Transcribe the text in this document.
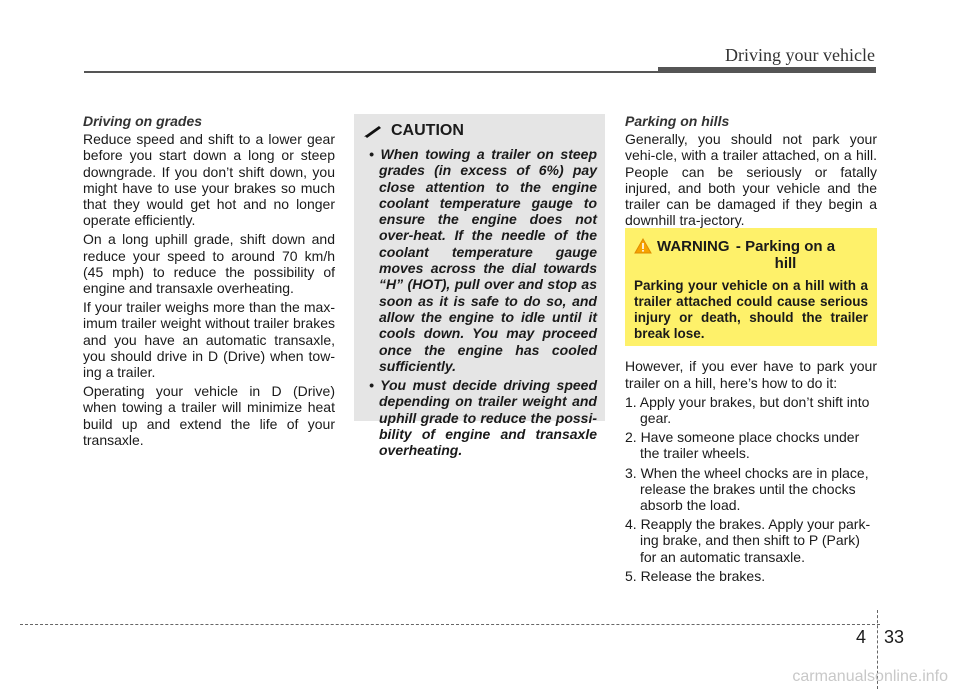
Driving your vehicle
Driving on grades

Reduce speed and shift to a lower gear before you start down a long or steep downgrade. If you don’t shift down, you might have to use your brakes so much that they would get hot and no longer operate efficiently.

On a long uphill grade, shift down and reduce your speed to around 70 km/h (45 mph) to reduce the possibility of engine and transaxle overheating.

If your trailer weighs more than the max-imum trailer weight without trailer brakes and you have an automatic transaxle, you should drive in D (Drive) when tow-ing a trailer.

Operating your vehicle in D (Drive) when towing a trailer will minimize heat build up and extend the life of your transaxle.

CAUTION
• When towing a trailer on steep grades (in excess of 6%) pay close attention to the engine coolant temperature gauge to ensure the engine does not over-heat. If the needle of the coolant temperature gauge moves across the dial towards “H” (HOT), pull over and stop as soon as it is safe to do so, and allow the engine to idle until it cools down. You may proceed once the engine has cooled sufficiently.
• You must decide driving speed depending on trailer weight and uphill grade to reduce the possi-bility of engine and transaxle overheating.
Parking on hills

Generally, you should not park your vehi-cle, with a trailer attached, on a hill. People can be seriously or fatally injured, and both your vehicle and the trailer can be damaged if they begin a downhill tra-jectory.

However, if you ever have to park your trailer on a hill, here’s how to do it:

1. Apply your brakes, but don’t shift into gear.

2. Have someone place chocks under the trailer wheels.

3. When the wheel chocks are in place, release the brakes until the chocks absorb the load.

4. Reapply the brakes. Apply your park-ing brake, and then shift to P (Park) for an automatic transaxle.

5. Release the brakes.

WARNING - Parking on a hill
Parking your vehicle on a hill with a trailer attached could cause serious injury or death, should the trailer break lose.
4 33
carmanualsonline.info
